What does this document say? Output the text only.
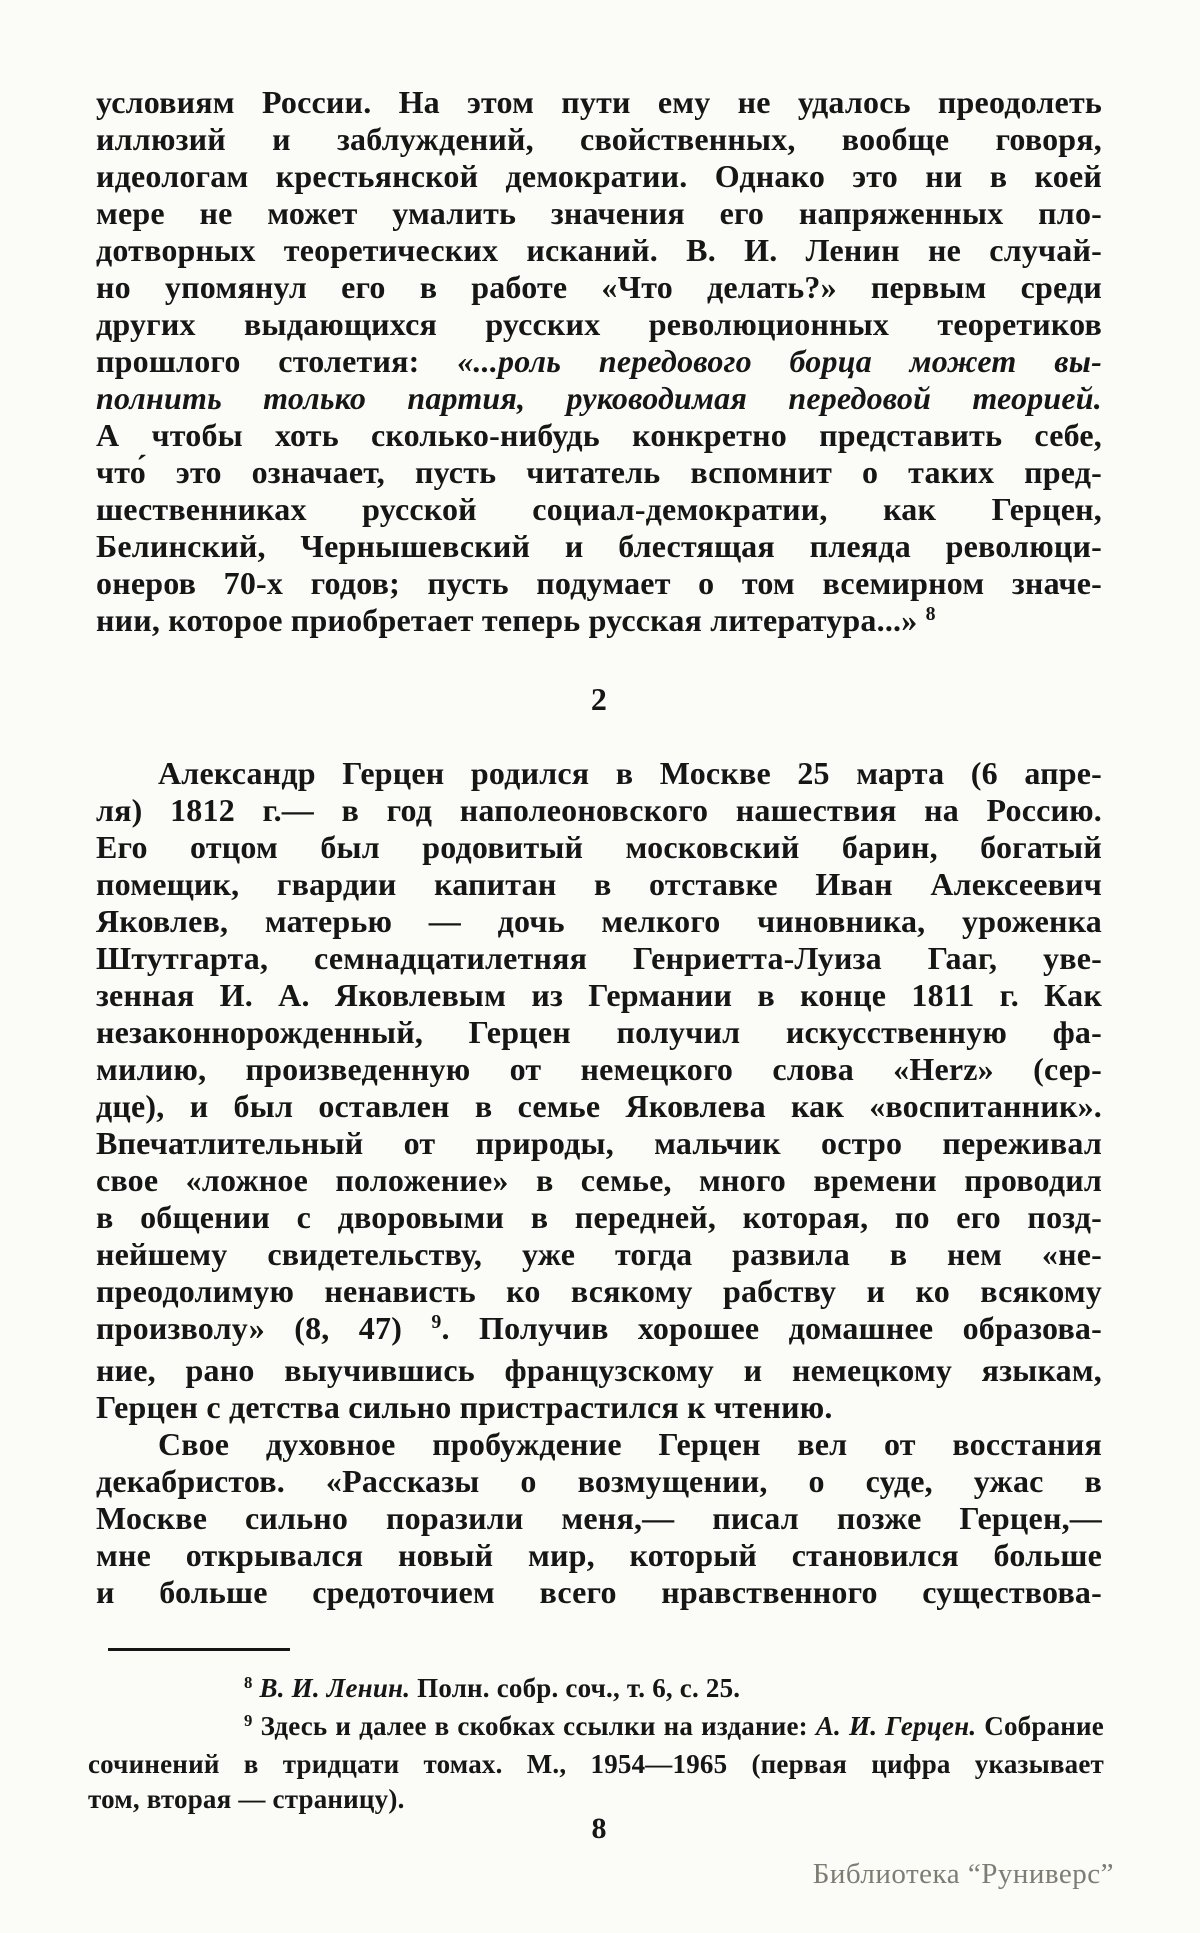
условиям России. На этом пути ему не удалось преодолеть
иллюзий и заблуждений, свойственных, вообще говоря,
идеологам крестьянской демократии. Однако это ни в коей
мере не может умалить значения его напряженных пло-
дотворных теоретических исканий. В. И. Ленин не случай-
но упомянул его в работе «Что делать?» первым среди
других выдающихся русских революционных теоретиков
прошлого столетия: «...роль передового борца может вы-
полнить только партия, руководимая передовой теорией.
А чтобы хоть сколько-нибудь конкретно представить себе,
что́ это означает, пусть читатель вспомнит о таких пред-
шественниках русской социал-демократии, как Герцен,
Белинский, Чернышевский и блестящая плеяда революци-
онеров 70-х годов; пусть подумает о том всемирном значе-
нии, которое приобретает теперь русская литература...» 8
2
Александр Герцен родился в Москве 25 марта (6 апре-
ля) 1812 г.— в год наполеоновского нашествия на Россию.
Его отцом был родовитый московский барин, богатый
помещик, гвардии капитан в отставке Иван Алексеевич
Яковлев, матерью — дочь мелкого чиновника, уроженка
Штутгарта, семнадцатилетняя Генриетта-Луиза Гааг, уве-
зенная И. А. Яковлевым из Германии в конце 1811 г. Как
незаконнорожденный, Герцен получил искусственную фа-
милию, произведенную от немецкого слова «Herz» (сер-
дце), и был оставлен в семье Яковлева как «воспитанник».
Впечатлительный от природы, мальчик остро переживал
свое «ложное положение» в семье, много времени проводил
в общении с дворовыми в передней, которая, по его позд-
нейшему свидетельству, уже тогда развила в нем «не-
преодолимую ненависть ко всякому рабству и ко всякому
произволу» (8, 47) 9. Получив хорошее домашнее образова-
ние, рано выучившись французскому и немецкому языкам,
Герцен с детства сильно пристрастился к чтению.
Свое духовное пробуждение Герцен вел от восстания
декабристов. «Рассказы о возмущении, о суде, ужас в
Москве сильно поразили меня,— писал позже Герцен,—
мне открывался новый мир, который становился больше
и больше средоточием всего нравственного существова-
8 В. И. Ленин. Полн. собр. соч., т. 6, с. 25.
9 Здесь и далее в скобках ссылки на издание: А. И. Герцен. Собрание
сочинений в тридцати томах. М., 1954—1965 (первая цифра указывает
том, вторая — страницу).
8
Библиотека “Руниверс”
